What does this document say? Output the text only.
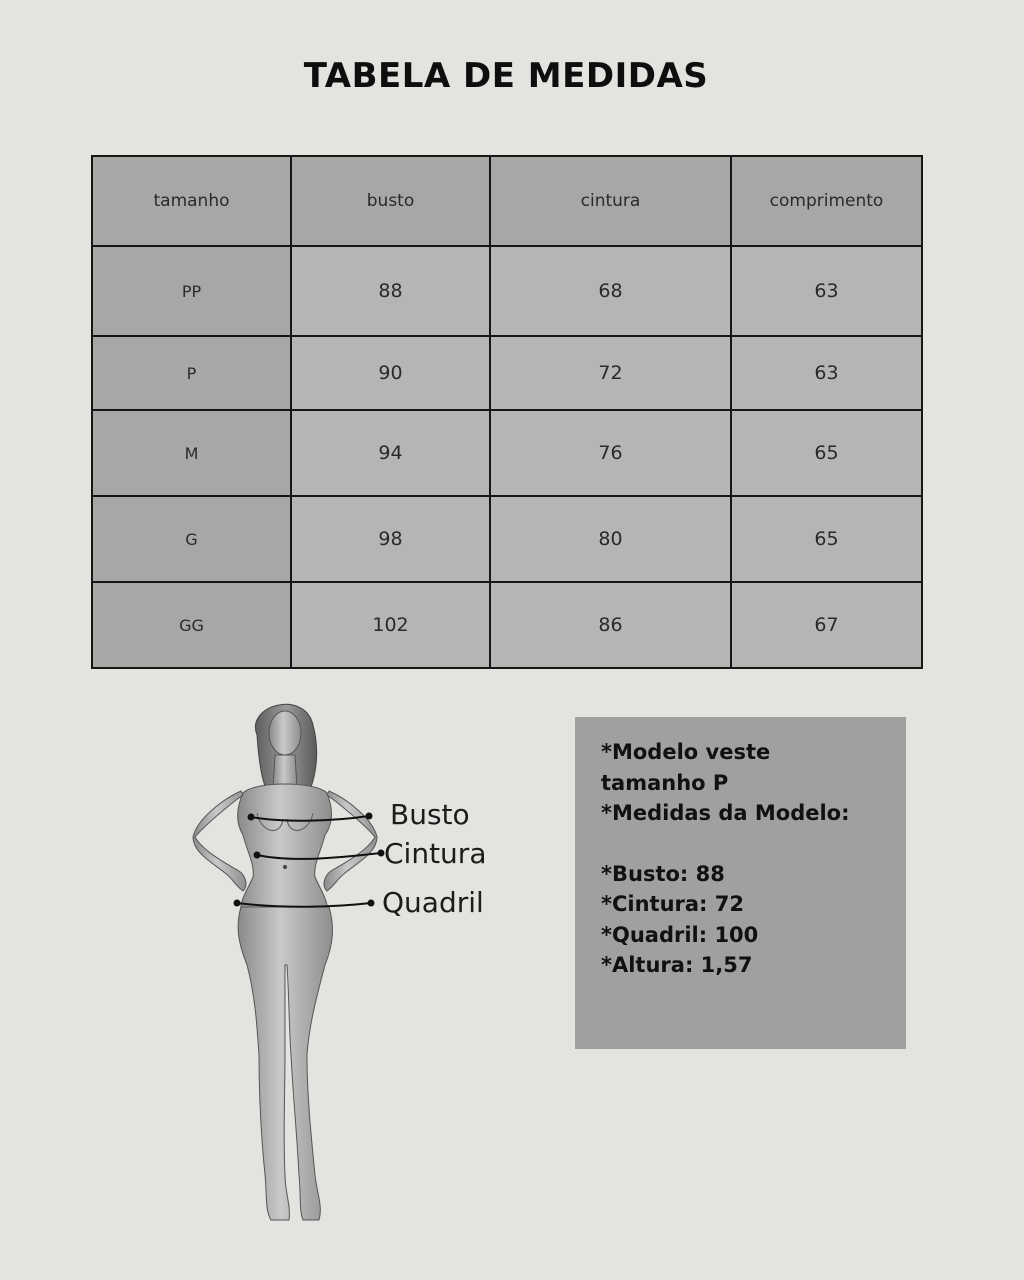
TABELA DE MEDIDAS
tamanho	busto	cintura	comprimento
PP	88	68	63
P	90	72	63
M	94	76	65
G	98	80	65
GG	102	86	67
Busto
Cintura
Quadril
*Modelo veste
tamanho P
*Medidas da Modelo:
*Busto: 88
*Cintura: 72
*Quadril: 100
*Altura: 1,57
